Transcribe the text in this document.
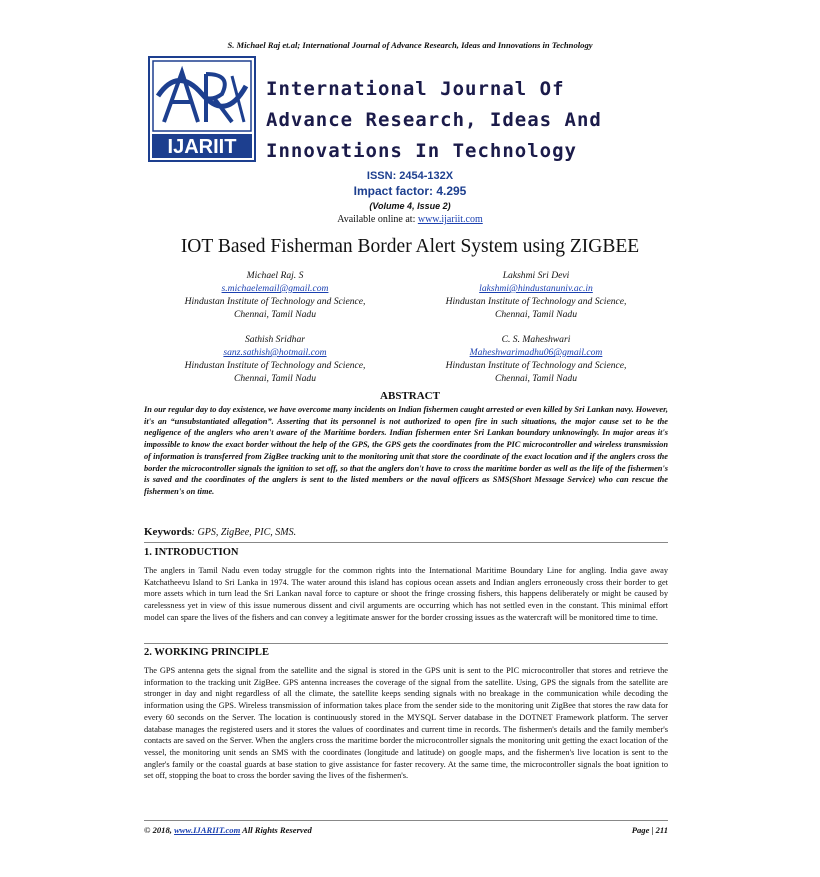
S. Michael Raj et.al; International Journal of Advance Research, Ideas and Innovations in Technology
IJARIIT
International Journal Of
Advance Research, Ideas And
Innovations In Technology
ISSN: 2454-132X
Impact factor: 4.295
(Volume 4, Issue 2)
Available online at: www.ijariit.com
IOT Based Fisherman Border Alert System using ZIGBEE
Michael Raj. S
s.michaelemail@gmail.com
Hindustan Institute of Technology and Science,
Chennai, Tamil Nadu
Lakshmi Sri Devi
lakshmi@hindustanuniv.ac.in
Hindustan Institute of Technology and Science,
Chennai, Tamil Nadu
Sathish Sridhar
sanz.sathish@hotmail.com
Hindustan Institute of Technology and Science,
Chennai, Tamil Nadu
C. S. Maheshwari
Maheshwarimadhu06@gmail.com
Hindustan Institute of Technology and Science,
Chennai, Tamil Nadu
ABSTRACT
In our regular day to day existence, we have overcome many incidents on Indian fishermen caught arrested or even killed by Sri Lankan navy. However, it's an “unsubstantiated allegation”. Asserting that its personnel is not authorized to open fire in such situations, the major cause set to be the negligence of the anglers who aren't aware of the Maritime borders. Indian fishermen enter Sri Lankan boundary unknowingly. In major areas it's impossible to know the exact border without the help of the GPS, the GPS gets the coordinates from the PIC microcontroller and wireless transmission of information is transferred from ZigBee tracking unit to the monitoring unit that store the coordinate of the exact location and if the anglers cross the border the microcontroller signals the ignition to set off, so that the anglers don't have to cross the maritime border as well as the life of the fishermen's is saved and the coordinates of the anglers is sent to the listed members or the naval officers as SMS(Short Message Service) who can rescue the fishermen's on time.
Keywords: GPS, ZigBee, PIC, SMS.
1. INTRODUCTION
The anglers in Tamil Nadu even today struggle for the common rights into the International Maritime Boundary Line for angling. India gave away Katchatheevu Island to Sri Lanka in 1974. The water around this island has copious ocean assets and Indian anglers erroneously cross their border to get more assets which in turn lead the Sri Lankan naval force to capture or shoot the fringe crossing fishers, this happens deliberately or might be caused by carelessness yet in view of this issue numerous dissent and civil arguments are occurring which has not settled even in the constant. This minimal effort model can spare the lives of the fishers and can convey a legitimate answer for the border crossing issues as the watercraft will be monitored time to time.
2. WORKING PRINCIPLE
The GPS antenna gets the signal from the satellite and the signal is stored in the GPS unit is sent to the PIC microcontroller that stores and retrieve the information to the tracking unit ZigBee. GPS antenna increases the coverage of the signal from the satellite. Using, GPS the signals from the satellite are stronger in day and night regardless of all the climate, the satellite keeps sending signals with no breakage in the communication while decoding the information using the GPS. Wireless transmission of information takes place from the sender side to the monitoring unit ZigBee that stores the raw data for every 60 seconds on the Server. The location is continuously stored in the MYSQL Server database in the DOTNET Framework platform. The server database manages the registered users and it stores the values of coordinates and current time in records. The fishermen's details and the family member's contacts are saved on the Server. When the anglers cross the maritime border the microcontroller signals the monitoring unit getting the exact location of the vessel, the monitoring unit sends an SMS with the coordinates (longitude and latitude) on google maps, and the fishermen's live location is sent to the angler's family or the coastal guards at base station to give assistance for faster recovery. At the same time, the microcontroller signals the boat ignition to set off, stopping the boat to cross the border saving the lives of the fishermen's.
© 2018, www.IJARIIT.com All Rights Reserved	Page | 211
